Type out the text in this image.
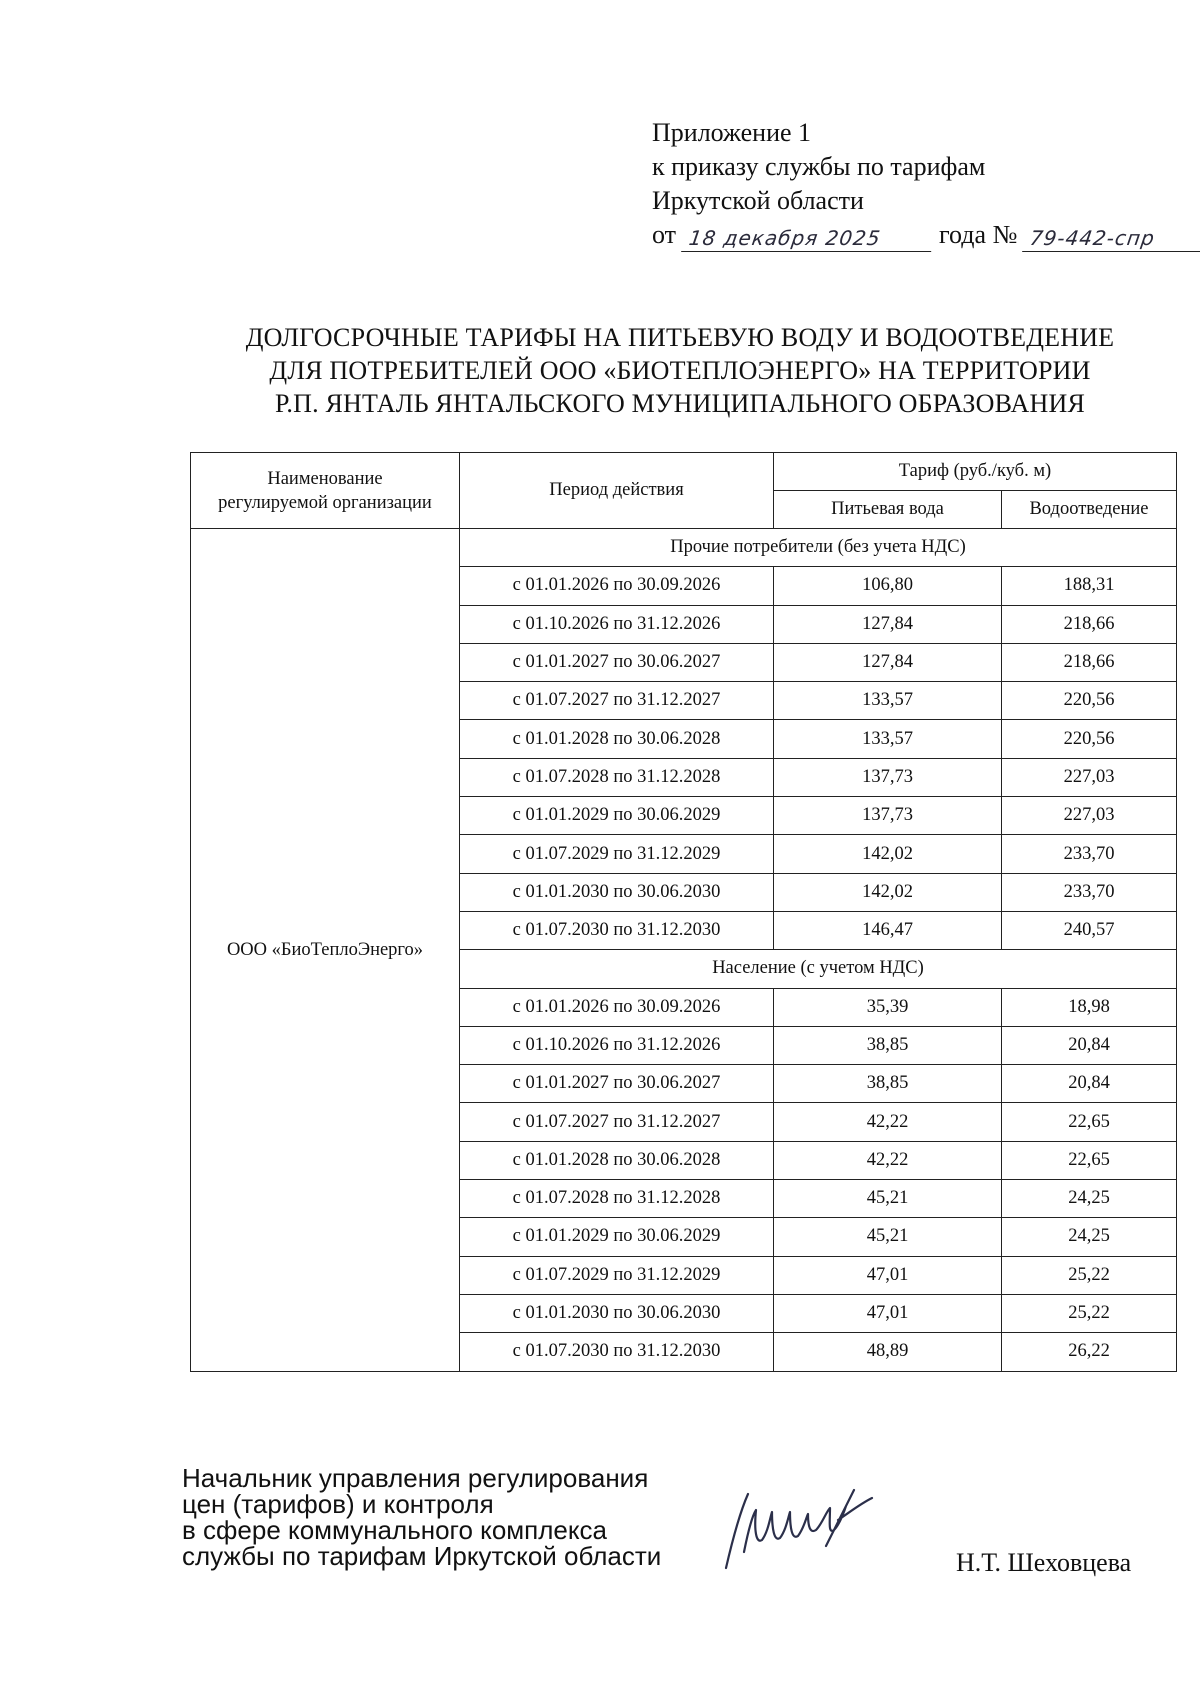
Приложение 1
к приказу службы по тарифам
Иркутской области
от
18 декабря 2025
	года №
79-442-спр
ДОЛГОСРОЧНЫЕ ТАРИФЫ НА ПИТЬЕВУЮ ВОДУ И ВОДООТВЕДЕНИЕ
ДЛЯ ПОТРЕБИТЕЛЕЙ ООО «БИОТЕПЛОЭНЕРГО» НА ТЕРРИТОРИИ
Р.П. ЯНТАЛЬ ЯНТАЛЬСКОГО МУНИЦИПАЛЬНОГО ОБРАЗОВАНИЯ
Наименование
регулируемой организации	Период действия	Тариф (руб./куб. м)	
		Питьевая вода	Водоотведение
ООО «БиоТеплоЭнерго»	Прочие потребители (без учета НДС)		
	с 01.01.2026 по 30.09.2026	106,80	188,31
	с 01.10.2026 по 31.12.2026	127,84	218,66
	с 01.01.2027 по 30.06.2027	127,84	218,66
	с 01.07.2027 по 31.12.2027	133,57	220,56
	с 01.01.2028 по 30.06.2028	133,57	220,56
	с 01.07.2028 по 31.12.2028	137,73	227,03
	с 01.01.2029 по 30.06.2029	137,73	227,03
	с 01.07.2029 по 31.12.2029	142,02	233,70
	с 01.01.2030 по 30.06.2030	142,02	233,70
	с 01.07.2030 по 31.12.2030	146,47	240,57
	Население (с учетом НДС)		
	с 01.01.2026 по 30.09.2026	35,39	18,98
	с 01.10.2026 по 31.12.2026	38,85	20,84
	с 01.01.2027 по 30.06.2027	38,85	20,84
	с 01.07.2027 по 31.12.2027	42,22	22,65
	с 01.01.2028 по 30.06.2028	42,22	22,65
	с 01.07.2028 по 31.12.2028	45,21	24,25
	с 01.01.2029 по 30.06.2029	45,21	24,25
	с 01.07.2029 по 31.12.2029	47,01	25,22
	с 01.01.2030 по 30.06.2030	47,01	25,22
	с 01.07.2030 по 31.12.2030	48,89	26,22
Начальник управления регулирования
цен (тарифов) и контроля
в сфере коммунального комплекса
службы по тарифам Иркутской области	Н.Т. Шеховцева
